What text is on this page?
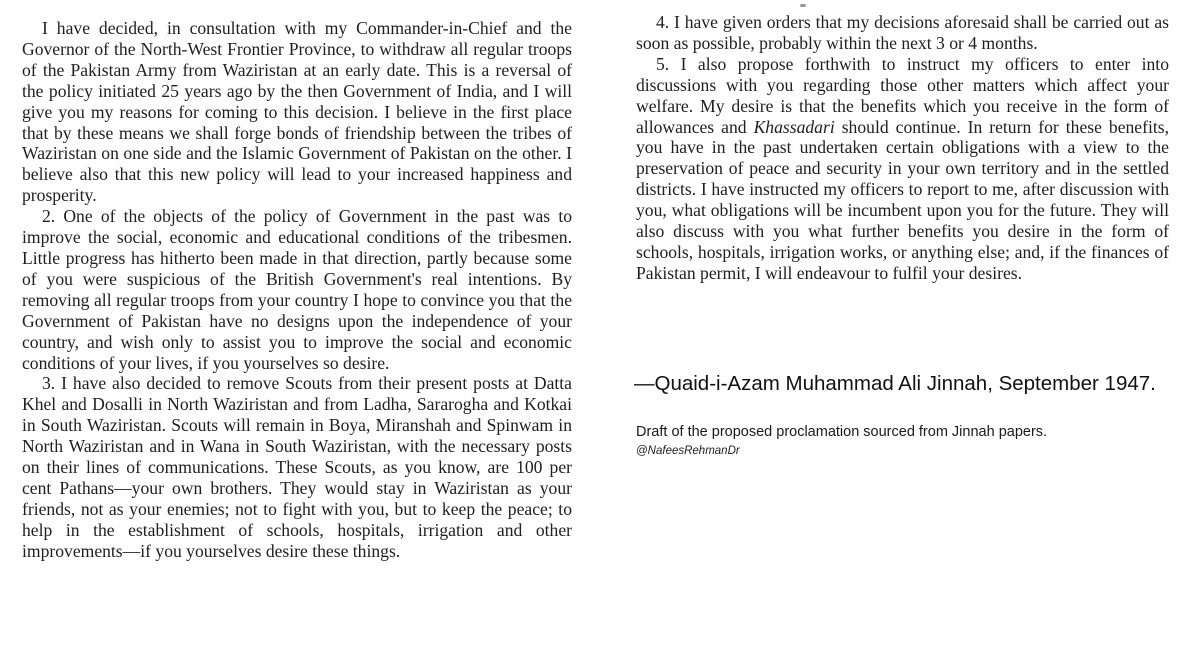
I have decided, in consultation with my Commander-in-Chief and the Governor of the North-West Frontier Province, to withdraw all regular troops of the Pakistan Army from Waziristan at an early date. This is a reversal of the policy initiated 25 years ago by the then Government of India, and I will give you my reasons for coming to this decision. I believe in the first place that by these means we shall forge bonds of friendship between the tribes of Waziristan on one side and the Islamic Government of Pakistan on the other. I believe also that this new policy will lead to your increased happiness and prosperity.

2. One of the objects of the policy of Government in the past was to improve the social, economic and educational conditions of the tribesmen. Little progress has hitherto been made in that direction, partly because some of you were suspicious of the British Government's real intentions. By removing all regular troops from your country I hope to convince you that the Government of Pakistan have no designs upon the independence of your country, and wish only to assist you to improve the social and economic conditions of your lives, if you yourselves so desire.

3. I have also decided to remove Scouts from their present posts at Datta Khel and Dosalli in North Waziristan and from Ladha, Sararogha and Kotkai in South Waziristan. Scouts will remain in Boya, Miranshah and Spinwam in North Waziristan and in Wana in South Waziristan, with the necessary posts on their lines of communications. These Scouts, as you know, are 100 per cent Pathans—your own brothers. They would stay in Waziristan as your friends, not as your enemies; not to fight with you, but to keep the peace; to help in the establishment of schools, hospitals, irrigation and other improvements—if you yourselves desire these things.

4. I have given orders that my decisions aforesaid shall be carried out as soon as possible, probably within the next 3 or 4 months.

5. I also propose forthwith to instruct my officers to enter into discussions with you regarding those other matters which affect your welfare. My desire is that the benefits which you receive in the form of allowances and Khassadari should continue. In return for these benefits, you have in the past undertaken certain obligations with a view to the preservation of peace and security in your own territory and in the settled districts. I have instructed my officers to report to me, after discussion with you, what obligations will be incumbent upon you for the future. They will also discuss with you what further benefits you desire in the form of schools, hospitals, irrigation works, or anything else; and, if the finances of Pakistan permit, I will endeavour to fulfil your desires.

—Quaid-i-Azam Muhammad Ali Jinnah, September 1947.
Draft of the proposed proclamation sourced from Jinnah papers.
@NafeesRehmanDr
